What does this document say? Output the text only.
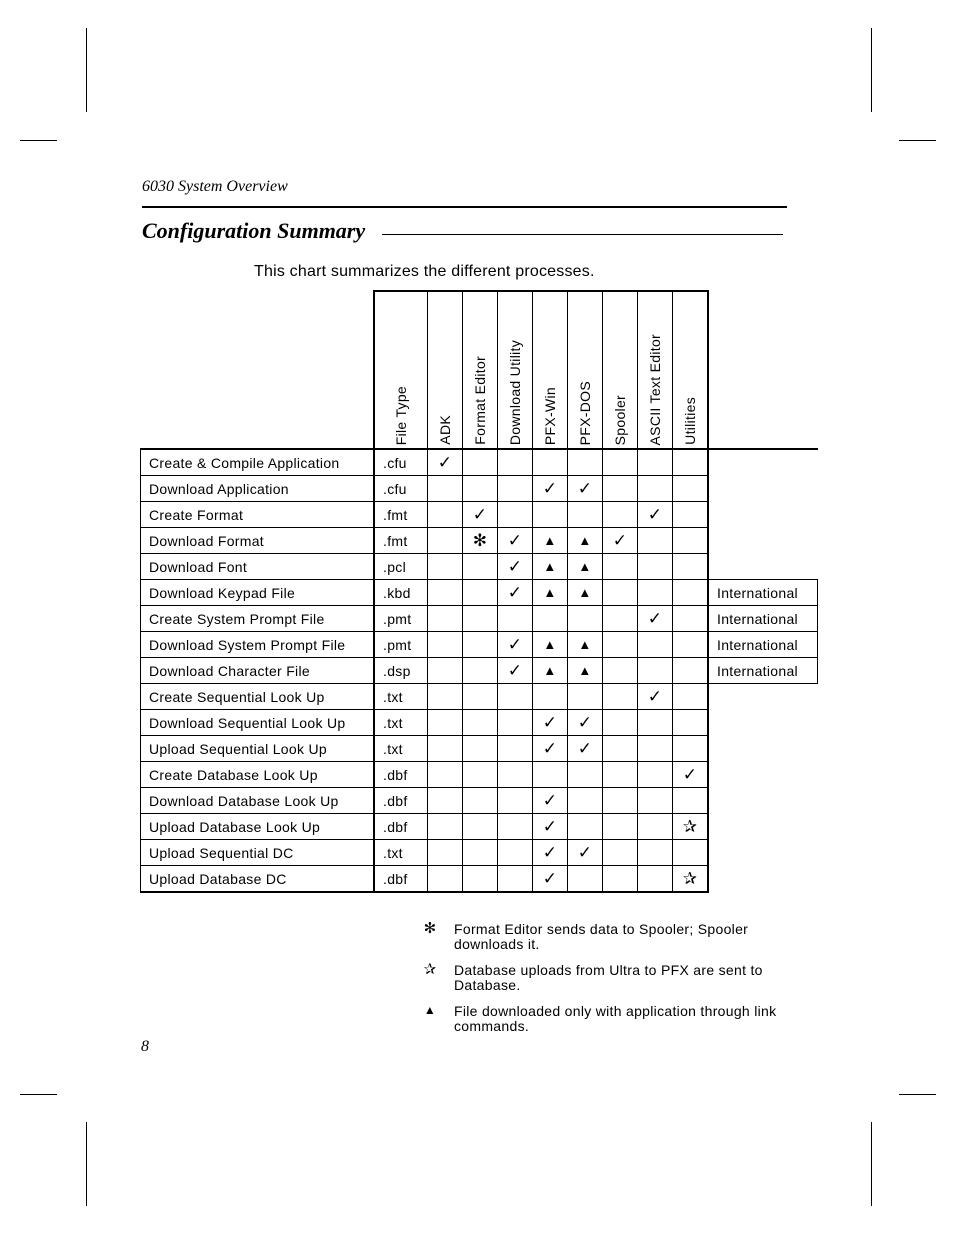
6030 System Overview
Configuration Summary
This chart summarizes the different processes.
	File Type	ADK	Format Editor	Download Utility	PFX-Win	PFX-DOS	Spooler	ASCII Text Editor	Utilities	
Create & Compile Application	.cfu	✓								
Download Application	.cfu				✓	✓				
Create Format	.fmt		✓					✓		
Download Format	.fmt		✻	✓	▲	▲	✓			
Download Font	.pcl			✓	▲	▲				
Download Keypad File	.kbd			✓	▲	▲				International
Create System Prompt File	.pmt							✓		International
Download System Prompt File	.pmt			✓	▲	▲				International
Download Character File	.dsp			✓	▲	▲				International
Create Sequential Look Up	.txt							✓		
Download Sequential Look Up	.txt				✓	✓				
Upload Sequential Look Up	.txt				✓	✓				
Create Database Look Up	.dbf								✓	
Download Database Look Up	.dbf				✓					
Upload Database Look Up	.dbf				✓				✰	
Upload Sequential DC	.txt				✓	✓				
Upload Database DC	.dbf				✓				✰	
✻ Format Editor sends data to Spooler; Spooler downloads it.
✰ Database uploads from Ultra to PFX are sent to Database.
▲ File downloaded only with application through link commands.
8
